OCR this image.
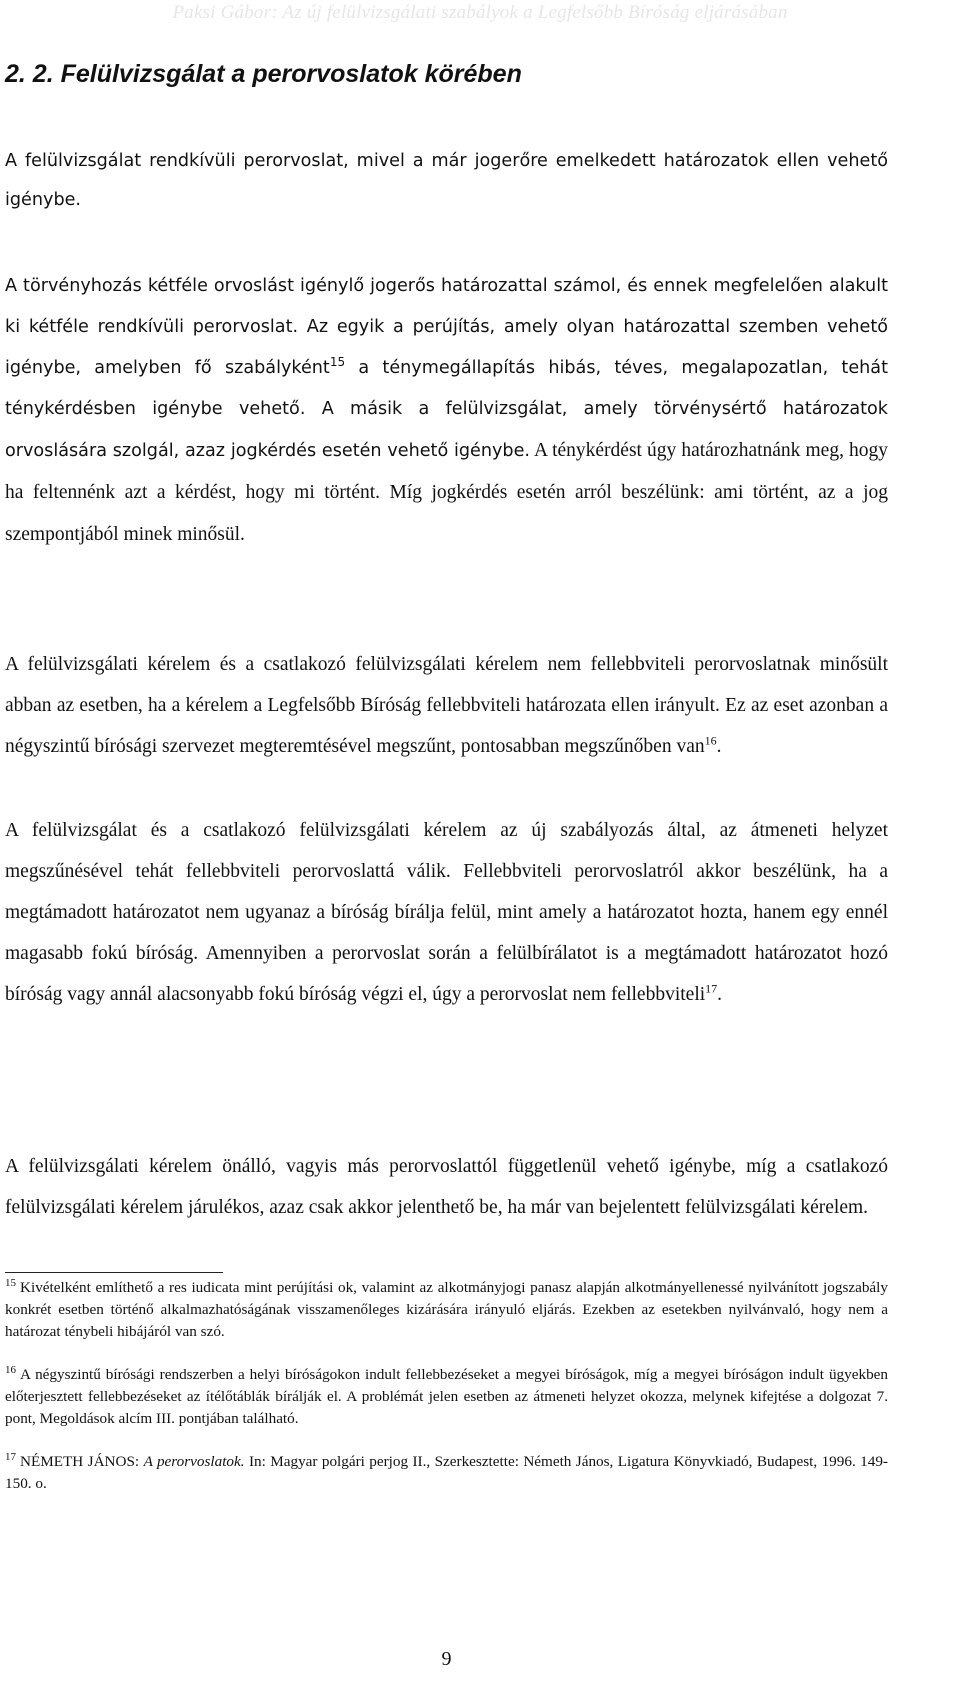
Paksi Gábor: Az új felülvizsgálati szabályok a Legfelsőbb Bíróság eljárásában
2. 2. Felülvizsgálat a perorvoslatok körében

A felülvizsgálat rendkívüli perorvoslat, mivel a már jogerőre emelkedett határozatok ellen vehető igénybe.

A törvényhozás kétféle orvoslást igénylő jogerős határozattal számol, és ennek megfelelően alakult ki kétféle rendkívüli perorvoslat. Az egyik a perújítás, amely olyan határozattal szemben vehető igénybe, amelyben fő szabályként$^{15}$ a ténymegállapítás hibás, téves, megalapozatlan, tehát ténykérdésben igénybe vehető. A másik a felülvizsgálat, amely törvénysértő határozatok orvoslására szolgál, azaz jogkérdés esetén vehető igénybe. A ténykérdést úgy határozhatnánk meg, hogy ha feltennénk azt a kérdést, hogy mi történt. Míg jogkérdés esetén arról beszélünk: ami történt, az a jog szempontjából minek minősül.

A felülvizsgálati kérelem és a csatlakozó felülvizsgálati kérelem nem fellebbviteli perorvoslatnak minősült abban az esetben, ha a kérelem a Legfelsőbb Bíróság fellebbviteli határozata ellen irányult. Ez az eset azonban a négyszintű bírósági szervezet megteremtésével megszűnt, pontosabban megszűnőben van$^{16}$.

A felülvizsgálat és a csatlakozó felülvizsgálati kérelem az új szabályozás által, az átmeneti helyzet megszűnésével tehát fellebbviteli perorvoslattá válik. Fellebbviteli perorvoslatról akkor beszélünk, ha a megtámadott határozatot nem ugyanaz a bíróság bírálja felül, mint amely a határozatot hozta, hanem egy ennél magasabb fokú bíróság. Amennyiben a perorvoslat során a felülbírálatot is a megtámadott határozatot hozó bíróság vagy annál alacsonyabb fokú bíróság végzi el, úgy a perorvoslat nem fellebbviteli$^{17}$.

A felülvizsgálati kérelem önálló, vagyis más perorvoslattól függetlenül vehető igénybe, míg a csatlakozó felülvizsgálati kérelem járulékos, azaz csak akkor jelenthető be, ha már van bejelentett felülvizsgálati kérelem.

$^{15}$ Kivételként említhető a res iudicata mint perújítási ok, valamint az alkotmányjogi panasz alapján alkotmányellenessé nyilvánított jogszabály konkrét esetben történő alkalmazhatóságának visszamenőleges kizárására irányuló eljárás. Ezekben az esetekben nyilvánvaló, hogy nem a határozat ténybeli hibájáról van szó.

$^{16}$ A négyszintű bírósági rendszerben a helyi bíróságokon indult fellebbezéseket a megyei bíróságok, míg a megyei bíróságon indult ügyekben előterjesztett fellebbezéseket az ítélőtáblák bírálják el. A problémát jelen esetben az átmeneti helyzet okozza, melynek kifejtése a dolgozat 7. pont, Megoldások alcím III. pontjában található.

$^{17}$ NÉMETH JÁNOS: A perorvoslatok. In: Magyar polgári perjog II., Szerkesztette: Németh János, Ligatura Könyvkiadó, Budapest, 1996. 149-150. o.

9
